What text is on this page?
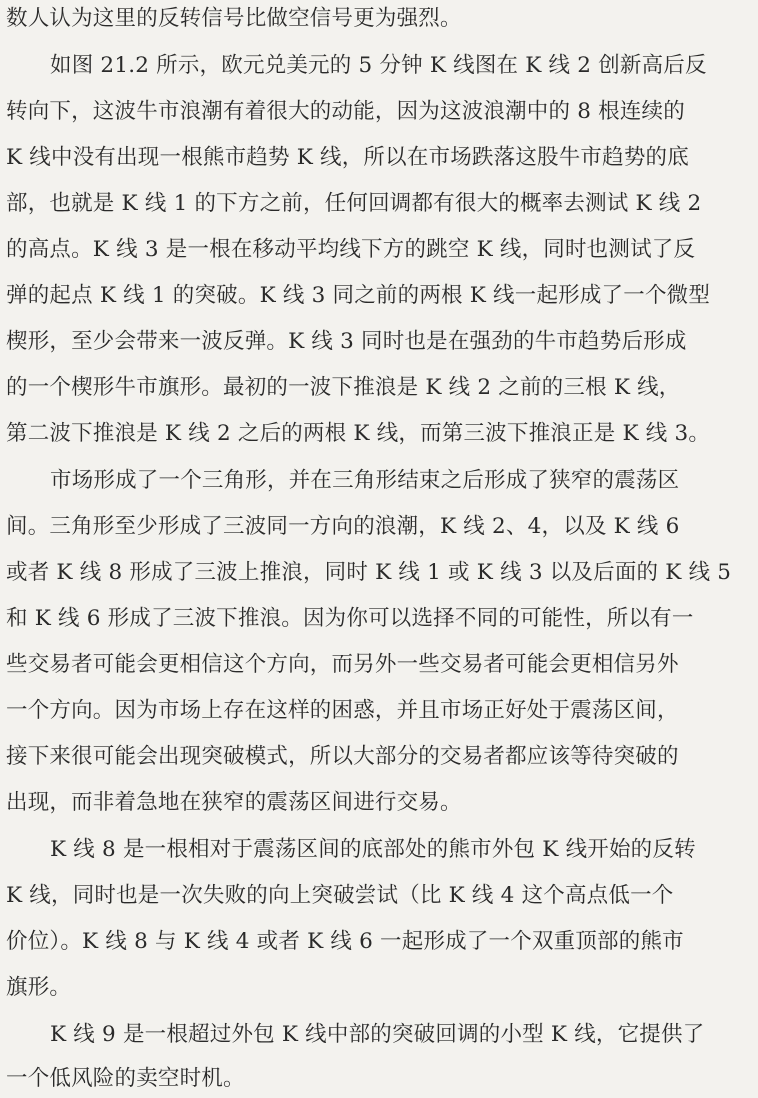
数人认为这里的反转信号比做空信号更为强烈。
如图 21.2 所示，欧元兑美元的 5 分钟 K 线图在 K 线 2 创新高后反
转向下，这波牛市浪潮有着很大的动能，因为这波浪潮中的 8 根连续的
K 线中没有出现一根熊市趋势 K 线，所以在市场跌落这股牛市趋势的底
部，也就是 K 线 1 的下方之前，任何回调都有很大的概率去测试 K 线 2
的高点。K 线 3 是一根在移动平均线下方的跳空 K 线，同时也测试了反
弹的起点 K 线 1 的突破。K 线 3 同之前的两根 K 线一起形成了一个微型
楔形，至少会带来一波反弹。K 线 3 同时也是在强劲的牛市趋势后形成
的一个楔形牛市旗形。最初的一波下推浪是 K 线 2 之前的三根 K 线，
第二波下推浪是 K 线 2 之后的两根 K 线，而第三波下推浪正是 K 线 3。
市场形成了一个三角形，并在三角形结束之后形成了狭窄的震荡区
间。三角形至少形成了三波同一方向的浪潮，K 线 2、4，以及 K 线 6
或者 K 线 8 形成了三波上推浪，同时 K 线 1 或 K 线 3 以及后面的 K 线 5
和 K 线 6 形成了三波下推浪。因为你可以选择不同的可能性，所以有一
些交易者可能会更相信这个方向，而另外一些交易者可能会更相信另外
一个方向。因为市场上存在这样的困惑，并且市场正好处于震荡区间，
接下来很可能会出现突破模式，所以大部分的交易者都应该等待突破的
出现，而非着急地在狭窄的震荡区间进行交易。
K 线 8 是一根相对于震荡区间的底部处的熊市外包 K 线开始的反转
K 线，同时也是一次失败的向上突破尝试（比 K 线 4 这个高点低一个
价位）。K 线 8 与 K 线 4 或者 K 线 6 一起形成了一个双重顶部的熊市
旗形。
K 线 9 是一根超过外包 K 线中部的突破回调的小型 K 线，它提供了
一个低风险的卖空时机。
